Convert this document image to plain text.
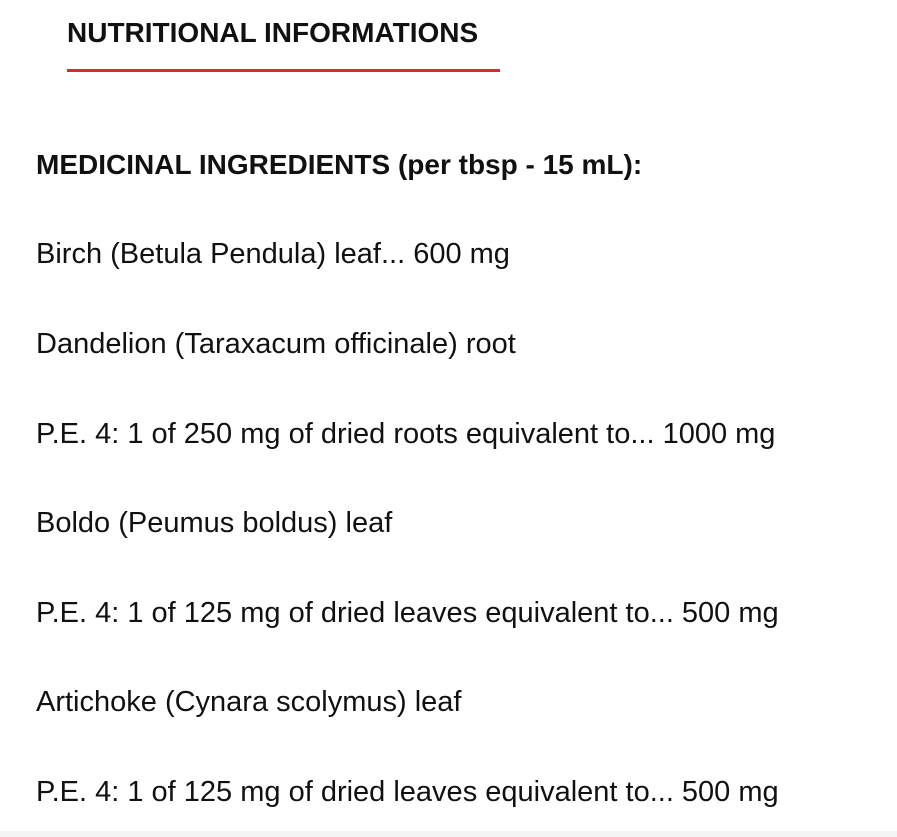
NUTRITIONAL INFORMATIONS
MEDICINAL INGREDIENTS (per tbsp - 15 mL):
Birch (Betula Pendula) leaf... 600 mg
Dandelion (Taraxacum officinale) root
P.E. 4: 1 of 250 mg of dried roots equivalent to... 1000 mg
Boldo (Peumus boldus) leaf
P.E. 4: 1 of 125 mg of dried leaves equivalent to... 500 mg
Artichoke (Cynara scolymus) leaf
P.E. 4: 1 of 125 mg of dried leaves equivalent to... 500 mg
